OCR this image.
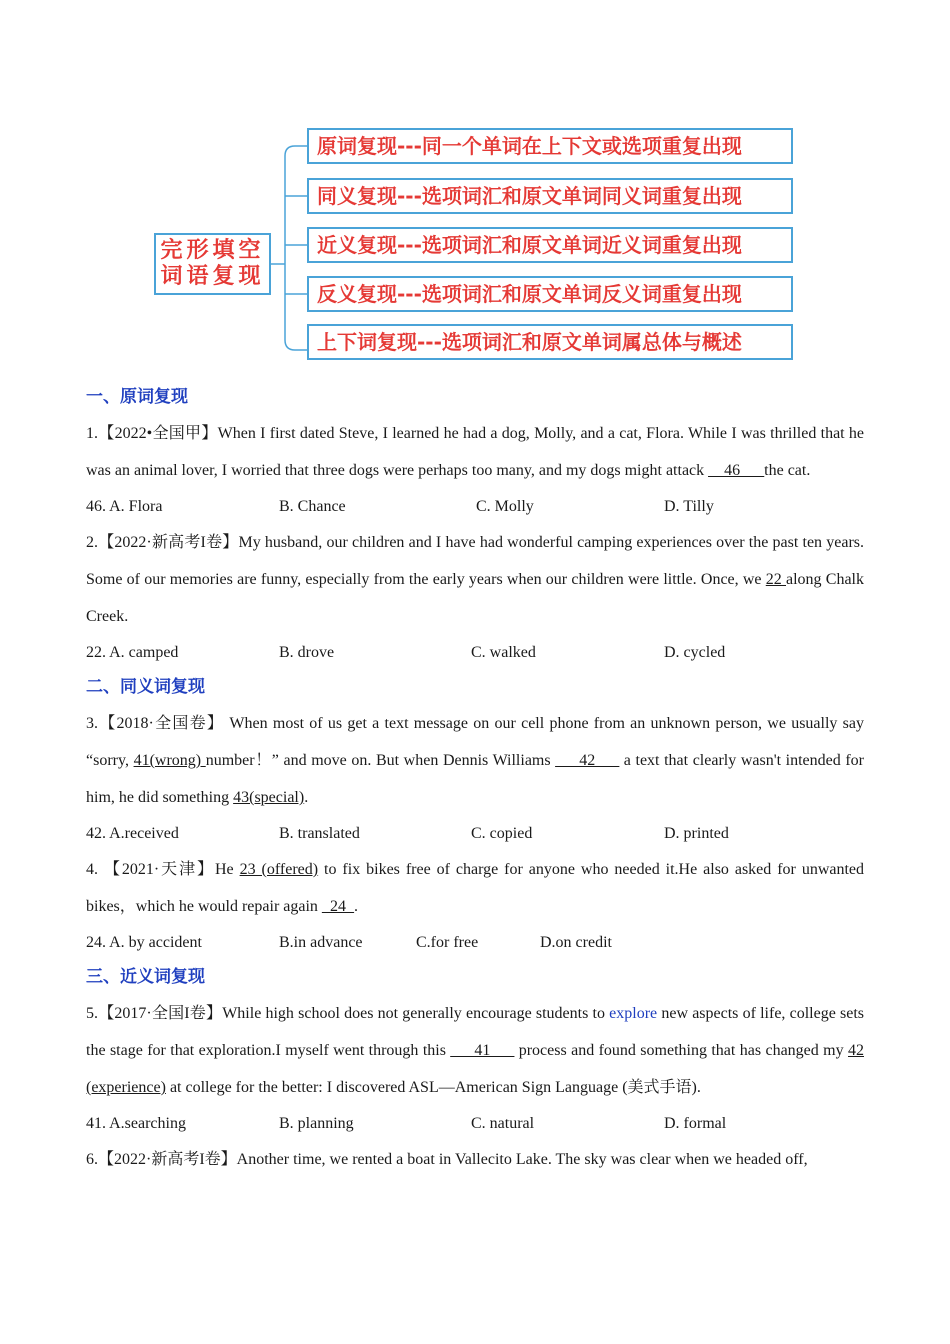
完形填空
词语复现
原词复现---同一个单词在上下文或选项重复出现
同义复现---选项词汇和原文单词同义词重复出现
近义复现---选项词汇和原文单词近义词重复出现
反义复现---选项词汇和原文单词反义词重复出现
上下词复现---选项词汇和原文单词属总体与概述

一、原词复现

1.【2022•全国甲】When I first dated Steve, I learned he had a dog, Molly, and a cat, Flora. While I was thrilled that he was an animal lover, I worried that three dogs were perhaps too many, and my dogs might attack __46___the cat.

46. A. Flora	B. Chance	C. Molly	D. Tilly

2.【2022·新高考I卷】My husband, our children and I have had wonderful camping experiences over the past ten years. Some of our memories are funny, especially from the early years when our children were little. Once, we 22 along Chalk Creek.

22. A. camped	B. drove	C. walked	D. cycled

二、同义词复现

3.【2018·全国卷】 When most of us get a text message on our cell phone from an unknown person, we usually say “sorry, 41(wrong) number！” and move on. But when Dennis Williams ___42___ a text that clearly wasn't intended for him, he did something 43(special).

42. A.received	B. translated	C. copied	D. printed

4. 【2021·天津】He 23 (offered) to fix bikes free of charge for anyone who needed it.He also asked for unwanted bikes，which he would repair again _24_.

24. A. by accident	B.in advance	C.for free	D.on credit

三、近义词复现

5.【2017·全国I卷】While high school does not generally encourage students to explore new aspects of life, college sets the stage for that exploration.I myself went through this ___41___ process and found something that has changed my 42 (experience) at college for the better: I discovered ASL—American Sign Language (美式手语).

41. A.searching	B. planning	C. natural	D. formal

6.【2022·新高考I卷】Another time, we rented a boat in Vallecito Lake. The sky was clear when we headed off,
